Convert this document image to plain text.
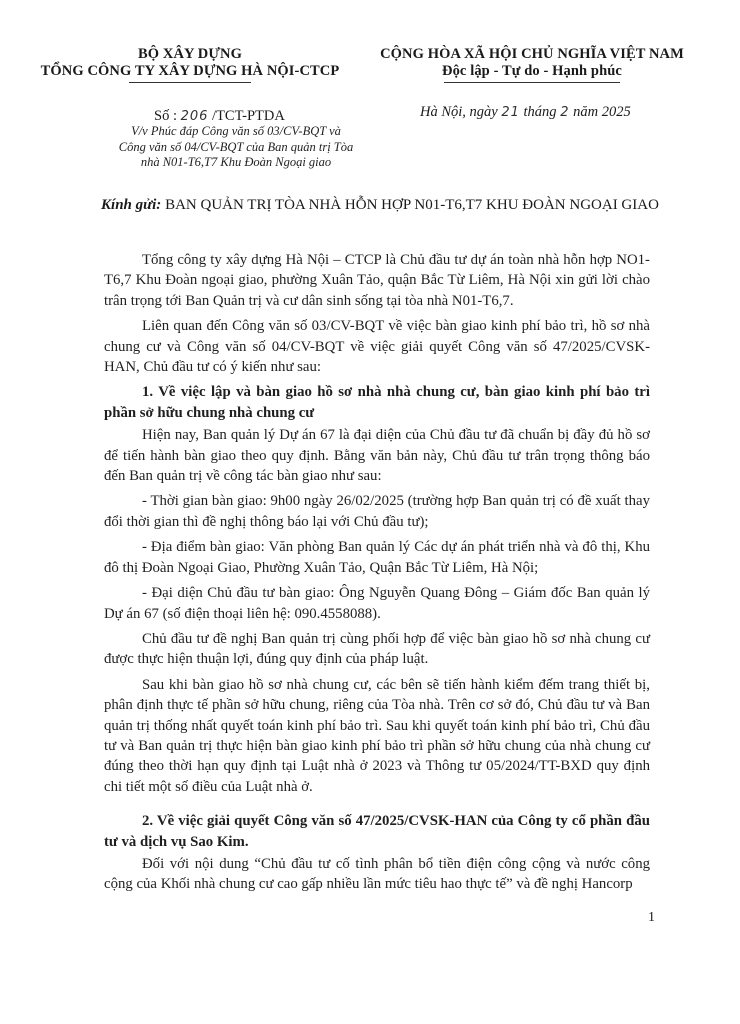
BỘ XÂY DỰNG
TỔNG CÔNG TY XÂY DỰNG HÀ NỘI-CTCP
CỘNG HÒA XÃ HỘI CHỦ NGHĨA VIỆT NAM
Độc lập - Tự do - Hạnh phúc
Số : 206 /TCT-PTDA
V/v Phúc đáp Công văn số 03/CV-BQT và Công văn số 04/CV-BQT của Ban quản trị Tòa nhà N01-T6,T7 Khu Đoàn Ngoại giao
Hà Nội, ngày 21 tháng 2 năm 2025
Kính gửi: BAN QUẢN TRỊ TÒA NHÀ HỖN HỢP N01-T6,T7 KHU ĐOÀN NGOẠI GIAO

Tổng công ty xây dựng Hà Nội – CTCP là Chủ đầu tư dự án toàn nhà hỗn hợp NO1-T6,7 Khu Đoàn ngoại giao, phường Xuân Tảo, quận Bắc Từ Liêm, Hà Nội xin gửi lời chào trân trọng tới Ban Quản trị và cư dân sinh sống tại tòa nhà N01-T6,7.

Liên quan đến Công văn số 03/CV-BQT về việc bàn giao kinh phí bảo trì, hồ sơ nhà chung cư và Công văn số 04/CV-BQT về việc giải quyết Công văn số 47/2025/CVSK-HAN, Chủ đầu tư có ý kiến như sau:

1. Về việc lập và bàn giao hồ sơ nhà nhà chung cư, bàn giao kinh phí bảo trì phần sở hữu chung nhà chung cư

Hiện nay, Ban quản lý Dự án 67 là đại diện của Chủ đầu tư đã chuẩn bị đầy đủ hồ sơ để tiến hành bàn giao theo quy định. Bằng văn bản này, Chủ đầu tư trân trọng thông báo đến Ban quản trị về công tác bàn giao như sau:

- Thời gian bàn giao: 9h00 ngày 26/02/2025 (trường hợp Ban quản trị có đề xuất thay đổi thời gian thì đề nghị thông báo lại với Chủ đầu tư);

- Địa điểm bàn giao: Văn phòng Ban quản lý Các dự án phát triển nhà và đô thị, Khu đô thị Đoàn Ngoại Giao, Phường Xuân Tảo, Quận Bắc Từ Liêm, Hà Nội;

- Đại diện Chủ đầu tư bàn giao: Ông Nguyễn Quang Đông – Giám đốc Ban quản lý Dự án 67 (số điện thoại liên hệ: 090.4558088).

Chủ đầu tư đề nghị Ban quản trị cùng phối hợp để việc bàn giao hồ sơ nhà chung cư được thực hiện thuận lợi, đúng quy định của pháp luật.

Sau khi bàn giao hồ sơ nhà chung cư, các bên sẽ tiến hành kiểm đếm trang thiết bị, phân định thực tế phần sở hữu chung, riêng của Tòa nhà. Trên cơ sở đó, Chủ đầu tư và Ban quản trị thống nhất quyết toán kinh phí bảo trì. Sau khi quyết toán kinh phí bảo trì, Chủ đầu tư và Ban quản trị thực hiện bàn giao kinh phí bảo trì phần sở hữu chung của nhà chung cư đúng theo thời hạn quy định tại Luật nhà ở 2023 và Thông tư 05/2024/TT-BXD quy định chi tiết một số điều của Luật nhà ở.

2. Về việc giải quyết Công văn số 47/2025/CVSK-HAN của Công ty cổ phần đầu tư và dịch vụ Sao Kim.

Đối với nội dung “Chủ đầu tư cố tình phân bổ tiền điện công cộng và nước công cộng của Khối nhà chung cư cao gấp nhiều lần mức tiêu hao thực tế” và đề nghị Hancorp

1
